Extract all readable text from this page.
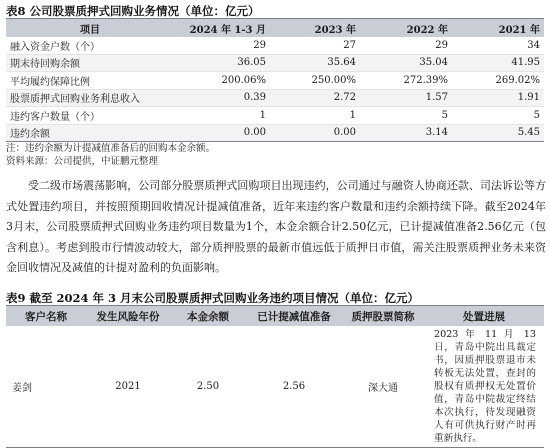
表8 公司股票质押式回购业务情况（单位：亿元）
项目	2024 年 1-3 月	2023 年	2022 年	2021 年
融入资金户数（个）	29	27	29	34
期末待回购余额	36.05	35.64	35.04	41.95
平均履约保障比例	200.06%	250.00%	272.39%	269.02%
股票质押式回购业务利息收入	0.39	2.72	1.57	1.91
违约客户数量（个）	1	1	5	5
违约余额	0.00	0.00	3.14	5.45
注：违约余额为计提减值准备后的回购本金余额。
资料来源：公司提供，中证鹏元整理
受二级市场震荡影响，公司部分股票质押式回购项目出现违约，公司通过与融资人协商还款、司法诉讼等方式处置违约项目，并按照预期回收情况计提减值准备，近年来违约客户数量和违约余额持续下降。截至2024年3月末，公司股票质押式回购业务违约项目数量为1个，本金余额合计2.50亿元，已计提减值准备2.56亿元（包含利息）。考虑到股市行情波动较大，部分质押股票的最新市值远低于质押日市值，需关注股票质押业务未来资金回收情况及减值的计提对盈利的负面影响。
表9 截至 2024 年 3 月末公司股票质押式回购业务违约项目情况（单位：亿元）
客户名称	发生风险年份	本金余额	已计提减值准备	质押股票简称	处置进展
姜剑	2021	2.50	2.56	深大通	2023 年 11 月 13 日，青岛中院出具裁定书，因质押股票退市未转板无法处置，查封的股权有质押权无处置价值，青岛中院裁定终结本次执行，待发现融资人有可供执行财产时再重新执行。
